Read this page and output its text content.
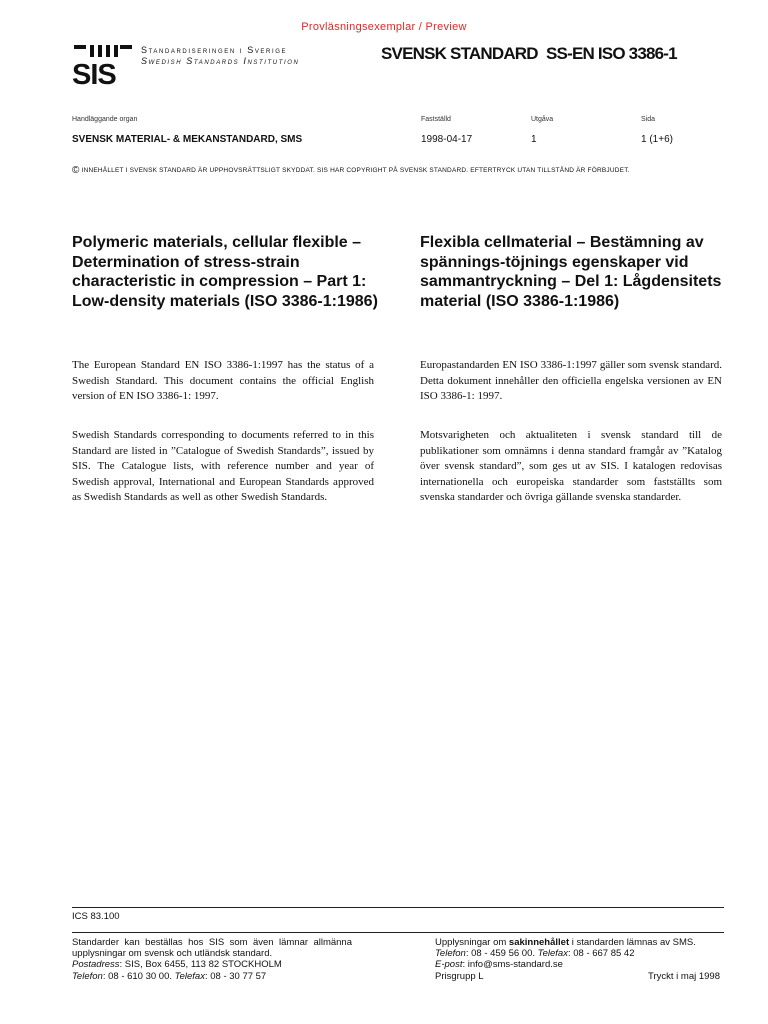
Provläsningsexemplar / Preview
SIS
Standardiseringen i Sverige
Swedish Standards Institution	SVENSK STANDARD SS-EN ISO 3386-1
Handläggande organ	Fastställd	Utgåva	Sida
SVENSK MATERIAL- & MEKANSTANDARD, SMS	1998-04-17	1	1 (1+6)
© INNEHÅLLET I SVENSK STANDARD ÄR UPPHOVSRÄTTSLIGT SKYDDAT. SIS HAR COPYRIGHT PÅ SVENSK STANDARD. EFTERTRYCK UTAN TILLSTÅND ÄR FÖRBJUDET.
Polymeric materials, cellular flexible – Determination of stress-strain characteristic in compression – Part 1: Low-density materials (ISO 3386-1:1986)
Flexibla cellmaterial – Bestämning av spännings-töjnings egenskaper vid sammantryckning – Del 1: Lågdensitets material (ISO 3386-1:1986)

The European Standard EN ISO 3386-1:1997 has the status of a Swedish Standard. This document contains the official English version of EN ISO 3386-1: 1997.

Swedish Standards corresponding to documents referred to in this Standard are listed in ”Catalogue of Swedish Standards”, issued by SIS. The Catalogue lists, with reference number and year of Swedish approval, International and European Standards approved as Swedish Standards as well as other Swedish Standards.

Europastandarden EN ISO 3386-1:1997 gäller som svensk standard. Detta dokument innehåller den officiella engelska versionen av EN ISO 3386-1: 1997.

Motsvarigheten och aktualiteten i svensk standard till de publikationer som omnämns i denna standard framgår av ”Katalog över svensk standard”, som ges ut av SIS. I katalogen redovisas internationella och europeiska standarder som fastställts som svenska standarder och övriga gällande svenska standarder.

ICS 83.100
Standarder kan beställas hos SIS som även lämnar allmänna upplysningar om svensk och utländsk standard.
Postadress: SIS, Box 6455, 113 82 STOCKHOLM
Telefon: 08 - 610 30 00. Telefax: 08 - 30 77 57
Upplysningar om sakinnehållet i standarden lämnas av SMS.
Telefon: 08 - 459 56 00. Telefax: 08 - 667 85 42
E-post: info@sms-standard.se
Prisgrupp L	Tryckt i maj 1998
